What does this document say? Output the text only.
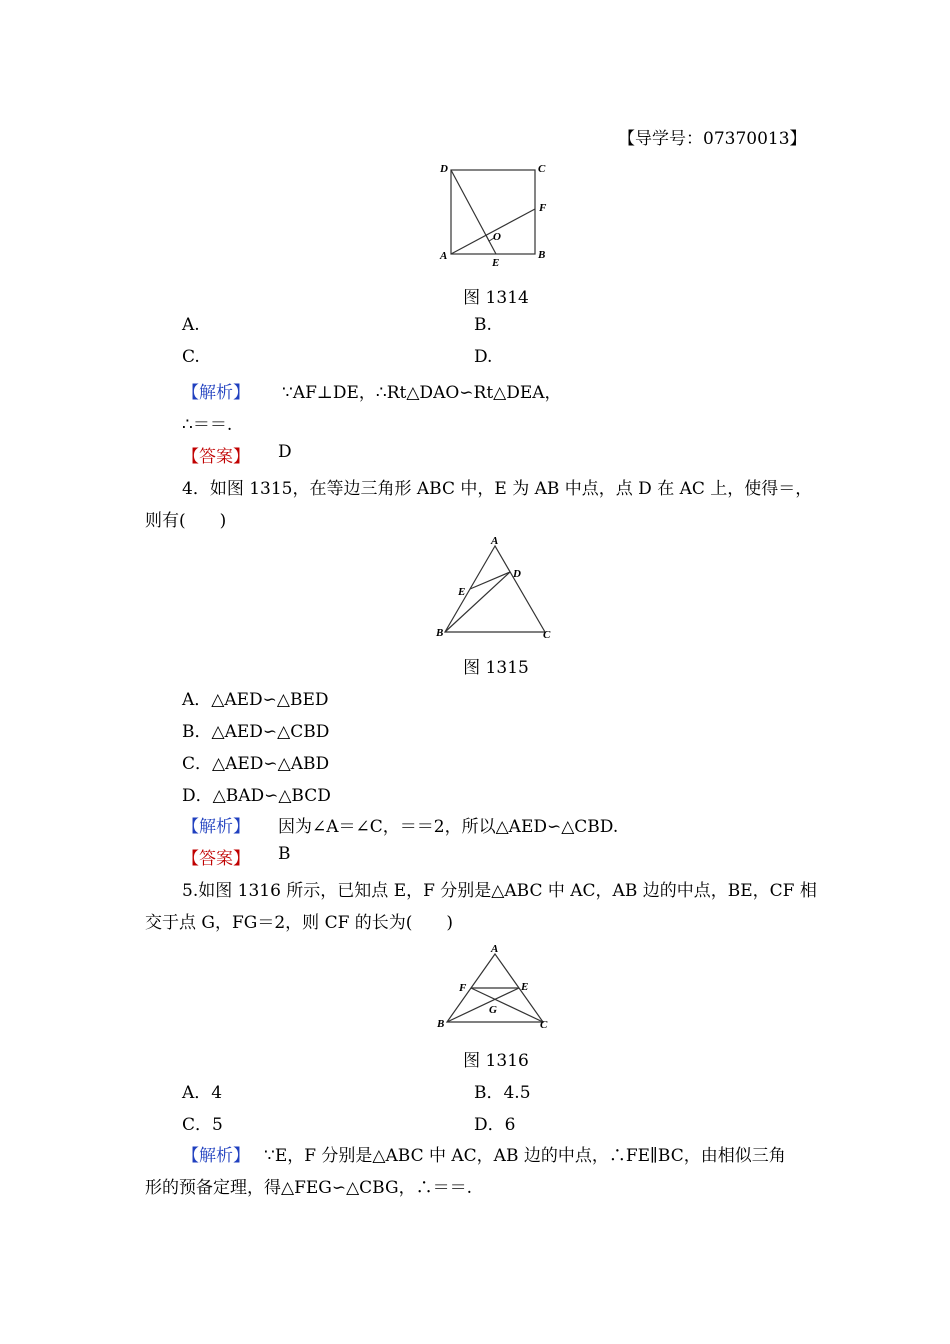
【导学号：07370013】
D	C
F
O
A
E
B
图 1314
A.	B.
C.	D.
【解析】 ∵AF⊥DE，∴Rt△DAO∽Rt△DEA，
∴＝＝.
【答案】 D
4．如图 1315，在等边三角形 ABC 中，E 为 AB 中点，点 D 在 AC 上，使得＝，
则有(　　)
A
D
E
B	C
图 1315
A．△AED∽△BED
B．△AED∽△CBD
C．△AED∽△ABD
D．△BAD∽△BCD
【解析】 因为∠A＝∠C，＝＝2，所以△AED∽△CBD.
【答案】 B
5.如图 1316 所示，已知点 E，F 分别是△ABC 中 AC，AB 边的中点，BE，CF 相
交于点 G，FG＝2，则 CF 的长为(　　)
A
F	E
G
B	C
图 1316
A．4	B．4.5
C．5	D．6
【解析】 ∵E，F 分别是△ABC 中 AC，AB 边的中点，∴FE∥BC，由相似三角
形的预备定理，得△FEG∽△CBG，∴＝＝.
